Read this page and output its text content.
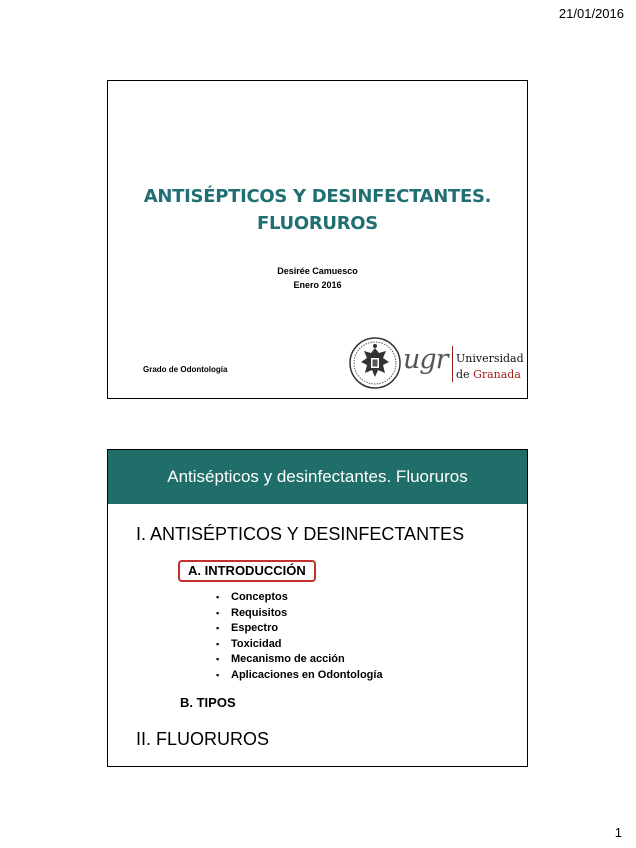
21/01/2016
ANTISÉPTICOS Y DESINFECTANTES.
FLUORUROS
Desirée Camuesco
Enero 2016
Grado de Odontología	ugr Universidad
de Granada
Antisépticos y desinfectantes. Fluoruros
I. ANTISÉPTICOS Y DESINFECTANTES
A. INTRODUCCIÓN
▪ Conceptos
▪ Requisitos
▪ Espectro
▪ Toxicidad
▪ Mecanismo de acción
▪ Aplicaciones en Odontología
B. TIPOS
II. FLUORUROS
1
